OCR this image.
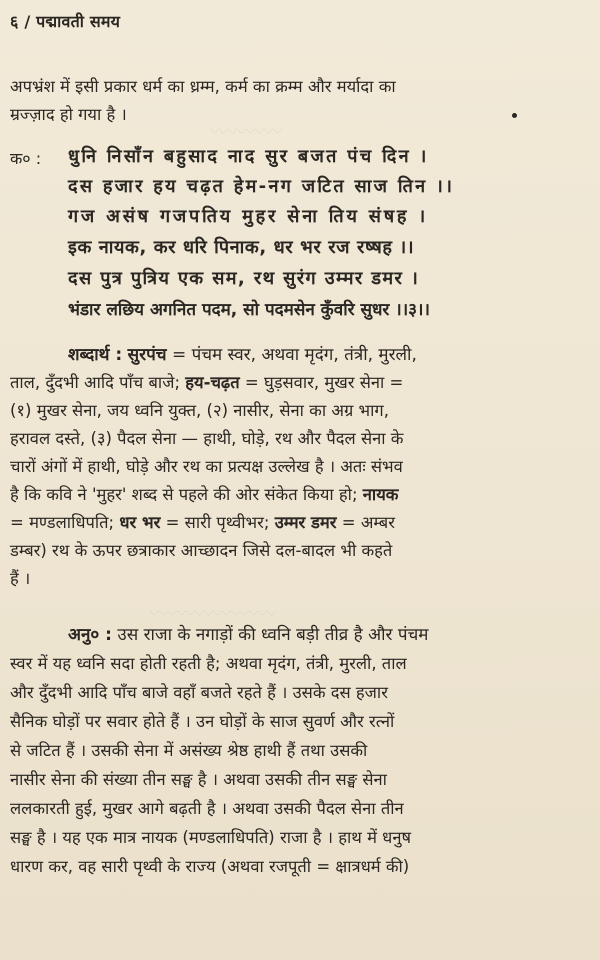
〰〰〰〰
〰〰〰〰〰〰〰
६ / पद्मावती समय
अपभ्रंश में इसी प्रकार धर्म का ध्रम्म, कर्म का क्रम्म और मर्यादा का
म्रज्ज़ाद हो गया है ।
क० : धुनि निसाँन बहुसाद नाद सुर बजत पंच दिन ।
दस हजार हय चढ़त हेम-नग जटित साज तिन ।।
गज असंष गजपतिय मुहर सेना तिय संषह ।
इक नायक, कर धरि पिनाक, धर भर रज रष्षह ।।
दस पुत्र पुत्रिय एक सम, रथ सुरंग उम्मर डमर ।
भंडार लछिय अगनित पदम, सो पदमसेन कुँवरि सुधर ।।३।।
शब्दार्थ : सुरपंच = पंचम स्वर, अथवा मृदंग, तंत्री, मुरली,
ताल, दुँदभी आदि पाँच बाजे; हय-चढ़त = घुड़सवार, मुखर सेना =
(१) मुखर सेना, जय ध्वनि युक्त, (२) नासीर, सेना का अग्र भाग,
हरावल दस्ते, (३) पैदल सेना — हाथी, घोड़े, रथ और पैदल सेना के
चारों अंगों में हाथी, घोड़े और रथ का प्रत्यक्ष उल्लेख है । अतः संभव
है कि कवि ने 'मुहर' शब्द से पहले की ओर संकेत किया हो; नायक
= मण्डलाधिपति; धर भर = सारी पृथ्वीभर; उम्मर डमर = अम्बर
डम्बर) रथ के ऊपर छत्राकार आच्छादन जिसे दल-बादल भी कहते
हैं ।
अनु० : उस राजा के नगाड़ों की ध्वनि बड़ी तीव्र है और पंचम
स्वर में यह ध्वनि सदा होती रहती है; अथवा मृदंग, तंत्री, मुरली, ताल
और दुँदभी आदि पाँच बाजे वहाँ बजते रहते हैं । उसके दस हजार
सैनिक घोड़ों पर सवार होते हैं । उन घोड़ों के साज सुवर्ण और रत्नों
से जटित हैं । उसकी सेना में असंख्य श्रेष्ठ हाथी हैं तथा उसकी
नासीर सेना की संख्या तीन सङ्घ है । अथवा उसकी तीन सङ्घ सेना
ललकारती हुई, मुखर आगे बढ़ती है । अथवा उसकी पैदल सेना तीन
सङ्घ है । यह एक मात्र नायक (मण्डलाधिपति) राजा है । हाथ में धनुष
धारण कर, वह सारी पृथ्वी के राज्य (अथवा रजपूती = क्षात्रधर्म की)
